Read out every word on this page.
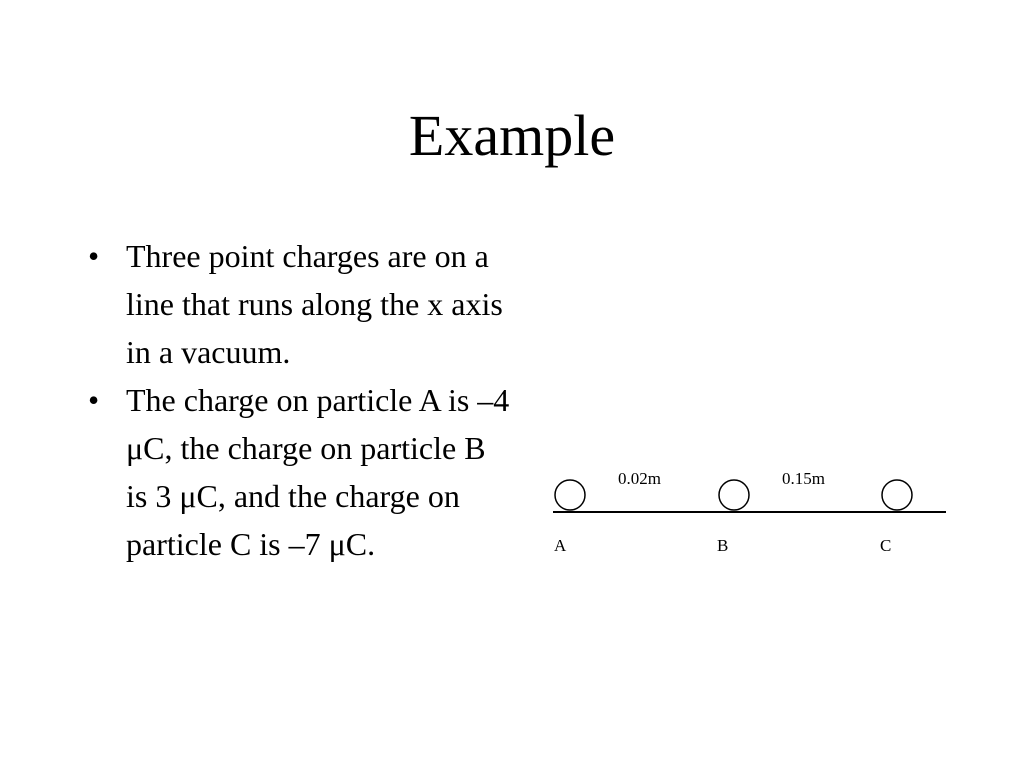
Example
• Three point charges are on a line that runs along the x axis in a vacuum.
• The charge on particle A is –4 μC, the charge on particle B is 3 μC, and the charge on particle C is –7 μC.
0.02m	0.15m
A	B	C
